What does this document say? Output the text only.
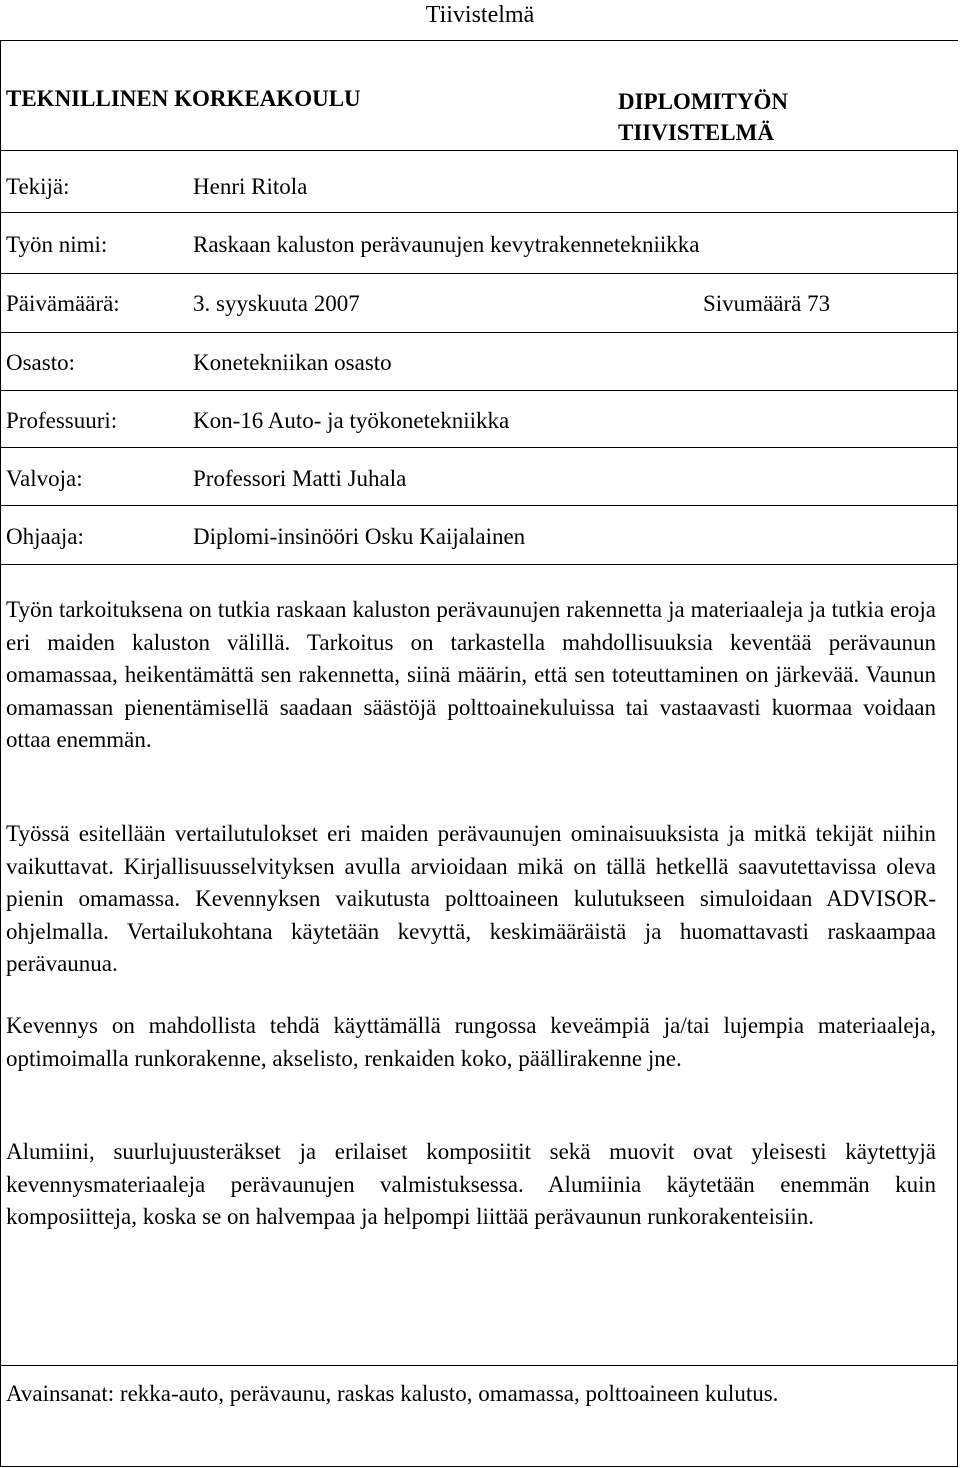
Tiivistelmä
TEKNILLINEN KORKEAKOULU	DIPLOMITYÖN
TIIVISTELMÄ
Tekijä:	Henri Ritola
Työn nimi:	Raskaan kaluston perävaunujen kevytrakennetekniikka
Päivämäärä:	3. syyskuuta 2007	Sivumäärä 73
Osasto:	Konetekniikan osasto
Professuuri:	Kon-16 Auto- ja työkonetekniikka
Valvoja:	Professori Matti Juhala
Ohjaaja:	Diplomi-insinööri Osku Kaijalainen
Työn tarkoituksena on tutkia raskaan kaluston perävaunujen rakennetta ja materiaaleja ja tutkia eroja eri maiden kaluston välillä. Tarkoitus on tarkastella mahdollisuuksia keventää perävaunun omamassaa, heikentämättä sen rakennetta, siinä määrin, että sen toteuttaminen on järkevää. Vaunun omamassan pienentämisellä saadaan säästöjä polttoainekuluissa tai vastaavasti kuormaa voidaan ottaa enemmän.
Työssä esitellään vertailutulokset eri maiden perävaunujen ominaisuuksista ja mitkä tekijät niihin vaikuttavat. Kirjallisuusselvityksen avulla arvioidaan mikä on tällä hetkellä saavutettavissa oleva pienin omamassa. Kevennyksen vaikutusta polttoaineen kulutukseen simuloidaan ADVISOR-ohjelmalla. Vertailukohtana käytetään kevyttä, keskimääräistä ja huomattavasti raskaampaa perävaunua.
Kevennys on mahdollista tehdä käyttämällä rungossa keveämpiä ja/tai lujempia materiaaleja, optimoimalla runkorakenne, akselisto, renkaiden koko, päällirakenne jne.
Alumiini, suurlujuusteräkset ja erilaiset komposiitit sekä muovit ovat yleisesti käytettyjä kevennysmateriaaleja perävaunujen valmistuksessa. Alumiinia käytetään enemmän kuin komposiitteja, koska se on halvempaa ja helpompi liittää perävaunun runkorakenteisiin.
Avainsanat: rekka-auto, perävaunu, raskas kalusto, omamassa, polttoaineen kulutus.
